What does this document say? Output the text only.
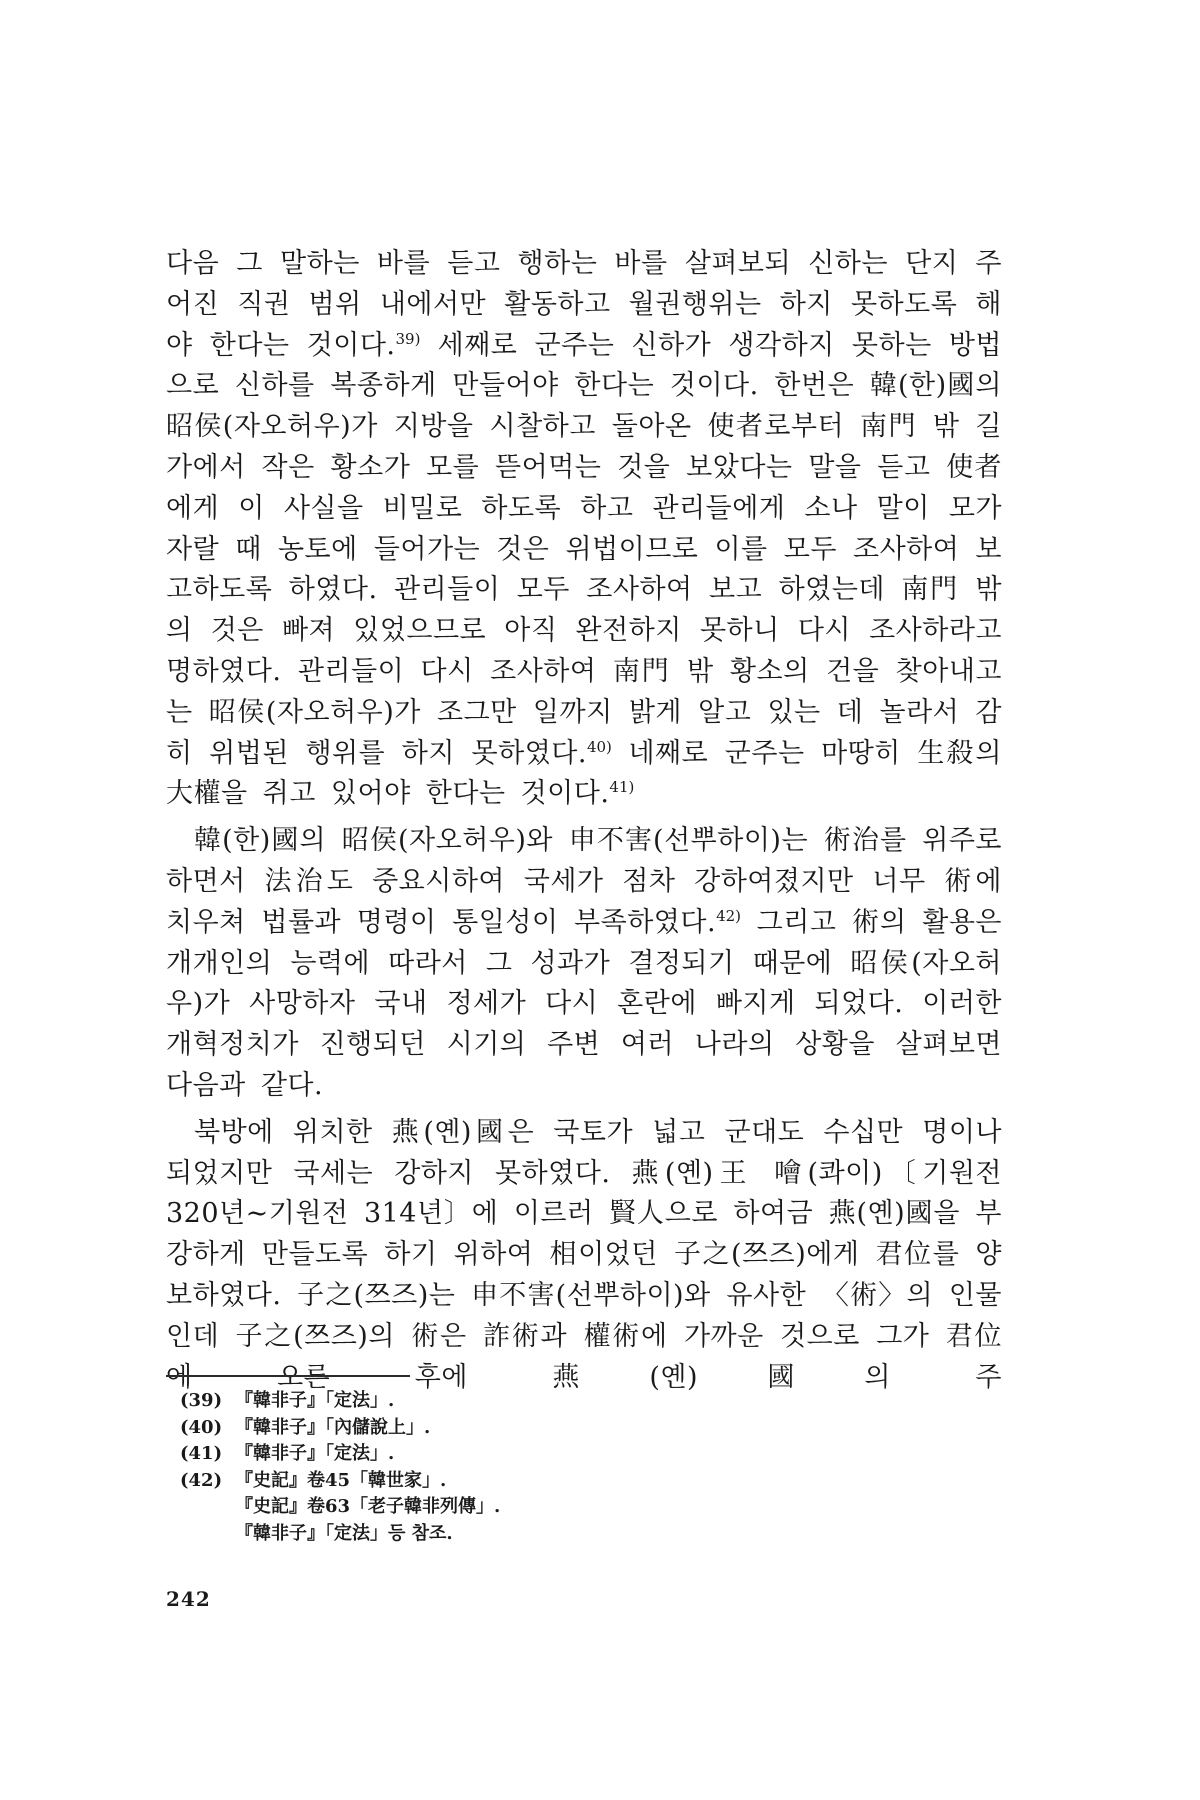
다음 그 말하는 바를 듣고 행하는 바를 살펴보되 신하는 단지 주어진 직권 범위 내에서만 활동하고 월권행위는 하지 못하도록 해야 한다는 것이다.$^{39)}$ 세째로 군주는 신하가 생각하지 못하는 방법으로 신하를 복종하게 만들어야 한다는 것이다. 한번은 韓(한)國의 昭侯(자오허우)가 지방을 시찰하고 돌아온 使者로부터 南門 밖 길가에서 작은 황소가 모를 뜯어먹는 것을 보았다는 말을 듣고 使者에게 이 사실을 비밀로 하도록 하고 관리들에게 소나 말이 모가 자랄 때 농토에 들어가는 것은 위법이므로 이를 모두 조사하여 보고하도록 하였다. 관리들이 모두 조사하여 보고 하였는데 南門 밖의 것은 빠져 있었으므로 아직 완전하지 못하니 다시 조사하라고 명하였다. 관리들이 다시 조사하여 南門 밖 황소의 건을 찾아내고는 昭侯(자오허우)가 조그만 일까지 밝게 알고 있는 데 놀라서 감히 위법된 행위를 하지 못하였다.$^{40)}$ 네째로 군주는 마땅히 生殺의 大權을 쥐고 있어야 한다는 것이다.$^{41)}$

韓(한)國의 昭侯(자오허우)와 申不害(선뿌하이)는 術治를 위주로 하면서 法治도 중요시하여 국세가 점차 강하여졌지만 너무 術에 치우쳐 법률과 명령이 통일성이 부족하였다.$^{42)}$ 그리고 術의 활용은 개개인의 능력에 따라서 그 성과가 결정되기 때문에 昭侯(자오허우)가 사망하자 국내 정세가 다시 혼란에 빠지게 되었다. 이러한 개혁정치가 진행되던 시기의 주변 여러 나라의 상황을 살펴보면 다음과 같다.

북방에 위치한 燕(옌)國은 국토가 넓고 군대도 수십만 명이나 되었지만 국세는 강하지 못하였다. 燕(옌)王 噲(콰이)〔기원전 320년∼기원전 314년〕에 이르러 賢人으로 하여금 燕(옌)國을 부강하게 만들도록 하기 위하여 相이었던 子之(쯔즈)에게 君位를 양보하였다. 子之(쯔즈)는 申不害(선뿌하이)와 유사한 〈術〉의 인물인데 子之(쯔즈)의 術은 詐術과 權術에 가까운 것으로 그가 君位에 오른 후에 燕(옌)國의 주

(39) 『韓非子』「定法」.
(40) 『韓非子』「內儲說上」.
(41) 『韓非子』「定法」.
(42) 『史記』卷45「韓世家」.
『史記』卷63「老子韓非列傳」.
『韓非子』「定法」등 참조.
242
